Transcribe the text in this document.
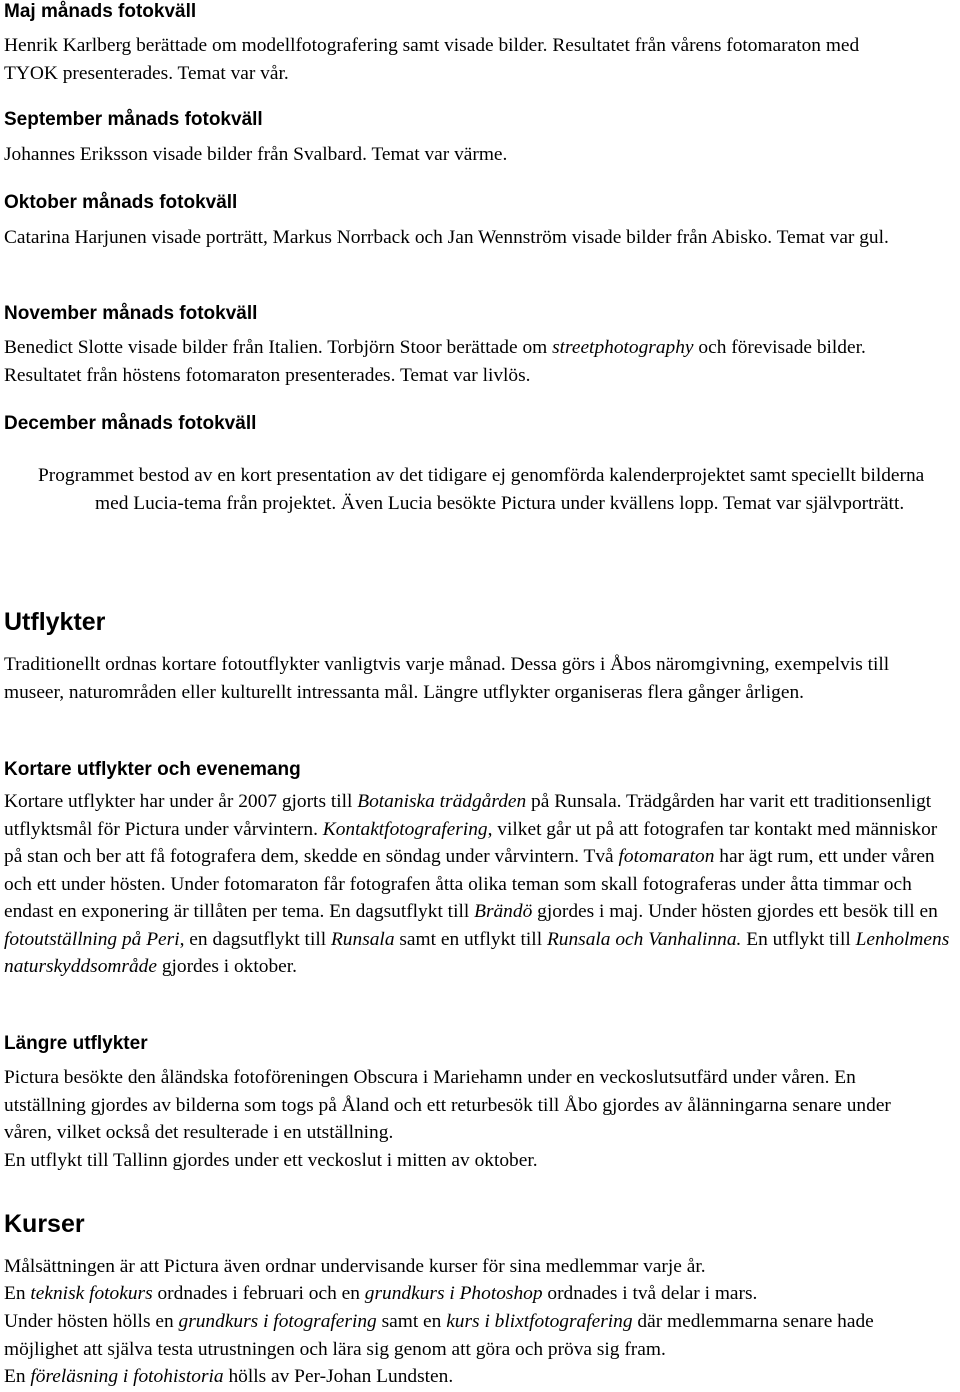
Maj månads fotokväll

Henrik Karlberg berättade om modellfotografering samt visade bilder. Resultatet från vårens fotomaraton med TYOK presenterades. Temat var vår.

September månads fotokväll

Johannes Eriksson visade bilder från Svalbard. Temat var värme.

Oktober månads fotokväll

Catarina Harjunen visade porträtt, Markus Norrback och Jan Wennström visade bilder från Abisko. Temat var gul.

November månads fotokväll

Benedict Slotte visade bilder från Italien. Torbjörn Stoor berättade om streetphotography och förevisade bilder. Resultatet från höstens fotomaraton presenterades. Temat var livlös.

December månads fotokväll

Programmet bestod av en kort presentation av det tidigare ej genomförda kalenderprojektet samt speciellt bilderna med Lucia-tema från projektet. Även Lucia besökte Pictura under kvällens lopp. Temat var självporträtt.

Utflykter

Traditionellt ordnas kortare fotoutflykter vanligtvis varje månad. Dessa görs i Åbos näromgivning, exempelvis till museer, naturområden eller kulturellt intressanta mål. Längre utflykter organiseras flera gånger årligen.

Kortare utflykter och evenemang

Kortare utflykter har under år 2007 gjorts till Botaniska trädgården på Runsala. Trädgården har varit ett traditionsenligt utflyktsmål för Pictura under vårvintern. Kontaktfotografering, vilket går ut på att fotografen tar kontakt med människor på stan och ber att få fotografera dem, skedde en söndag under vårvintern. Två fotomaraton har ägt rum, ett under våren och ett under hösten. Under fotomaraton får fotografen åtta olika teman som skall fotograferas under åtta timmar och endast en exponering är tillåten per tema. En dagsutflykt till Brändö gjordes i maj. Under hösten gjordes ett besök till en fotoutställning på Peri, en dagsutflykt till Runsala samt en utflykt till Runsala och Vanhalinna. En utflykt till Lenholmens naturskyddsområde gjordes i oktober.

Längre utflykter

Pictura besökte den åländska fotoföreningen Obscura i Mariehamn under en veckoslutsutfärd under våren. En utställning gjordes av bilderna som togs på Åland och ett returbesök till Åbo gjordes av ålänningarna senare under våren, vilket också det resulterade i en utställning.

En utflykt till Tallinn gjordes under ett veckoslut i mitten av oktober.

Kurser

Målsättningen är att Pictura även ordnar undervisande kurser för sina medlemmar varje år.

En teknisk fotokurs ordnades i februari och en grundkurs i Photoshop ordnades i två delar i mars.

Under hösten hölls en grundkurs i fotografering samt en kurs i blixtfotografering där medlemmarna senare hade möjlighet att själva testa utrustningen och lära sig genom att göra och pröva sig fram.

En föreläsning i fotohistoria hölls av Per-Johan Lundsten.
